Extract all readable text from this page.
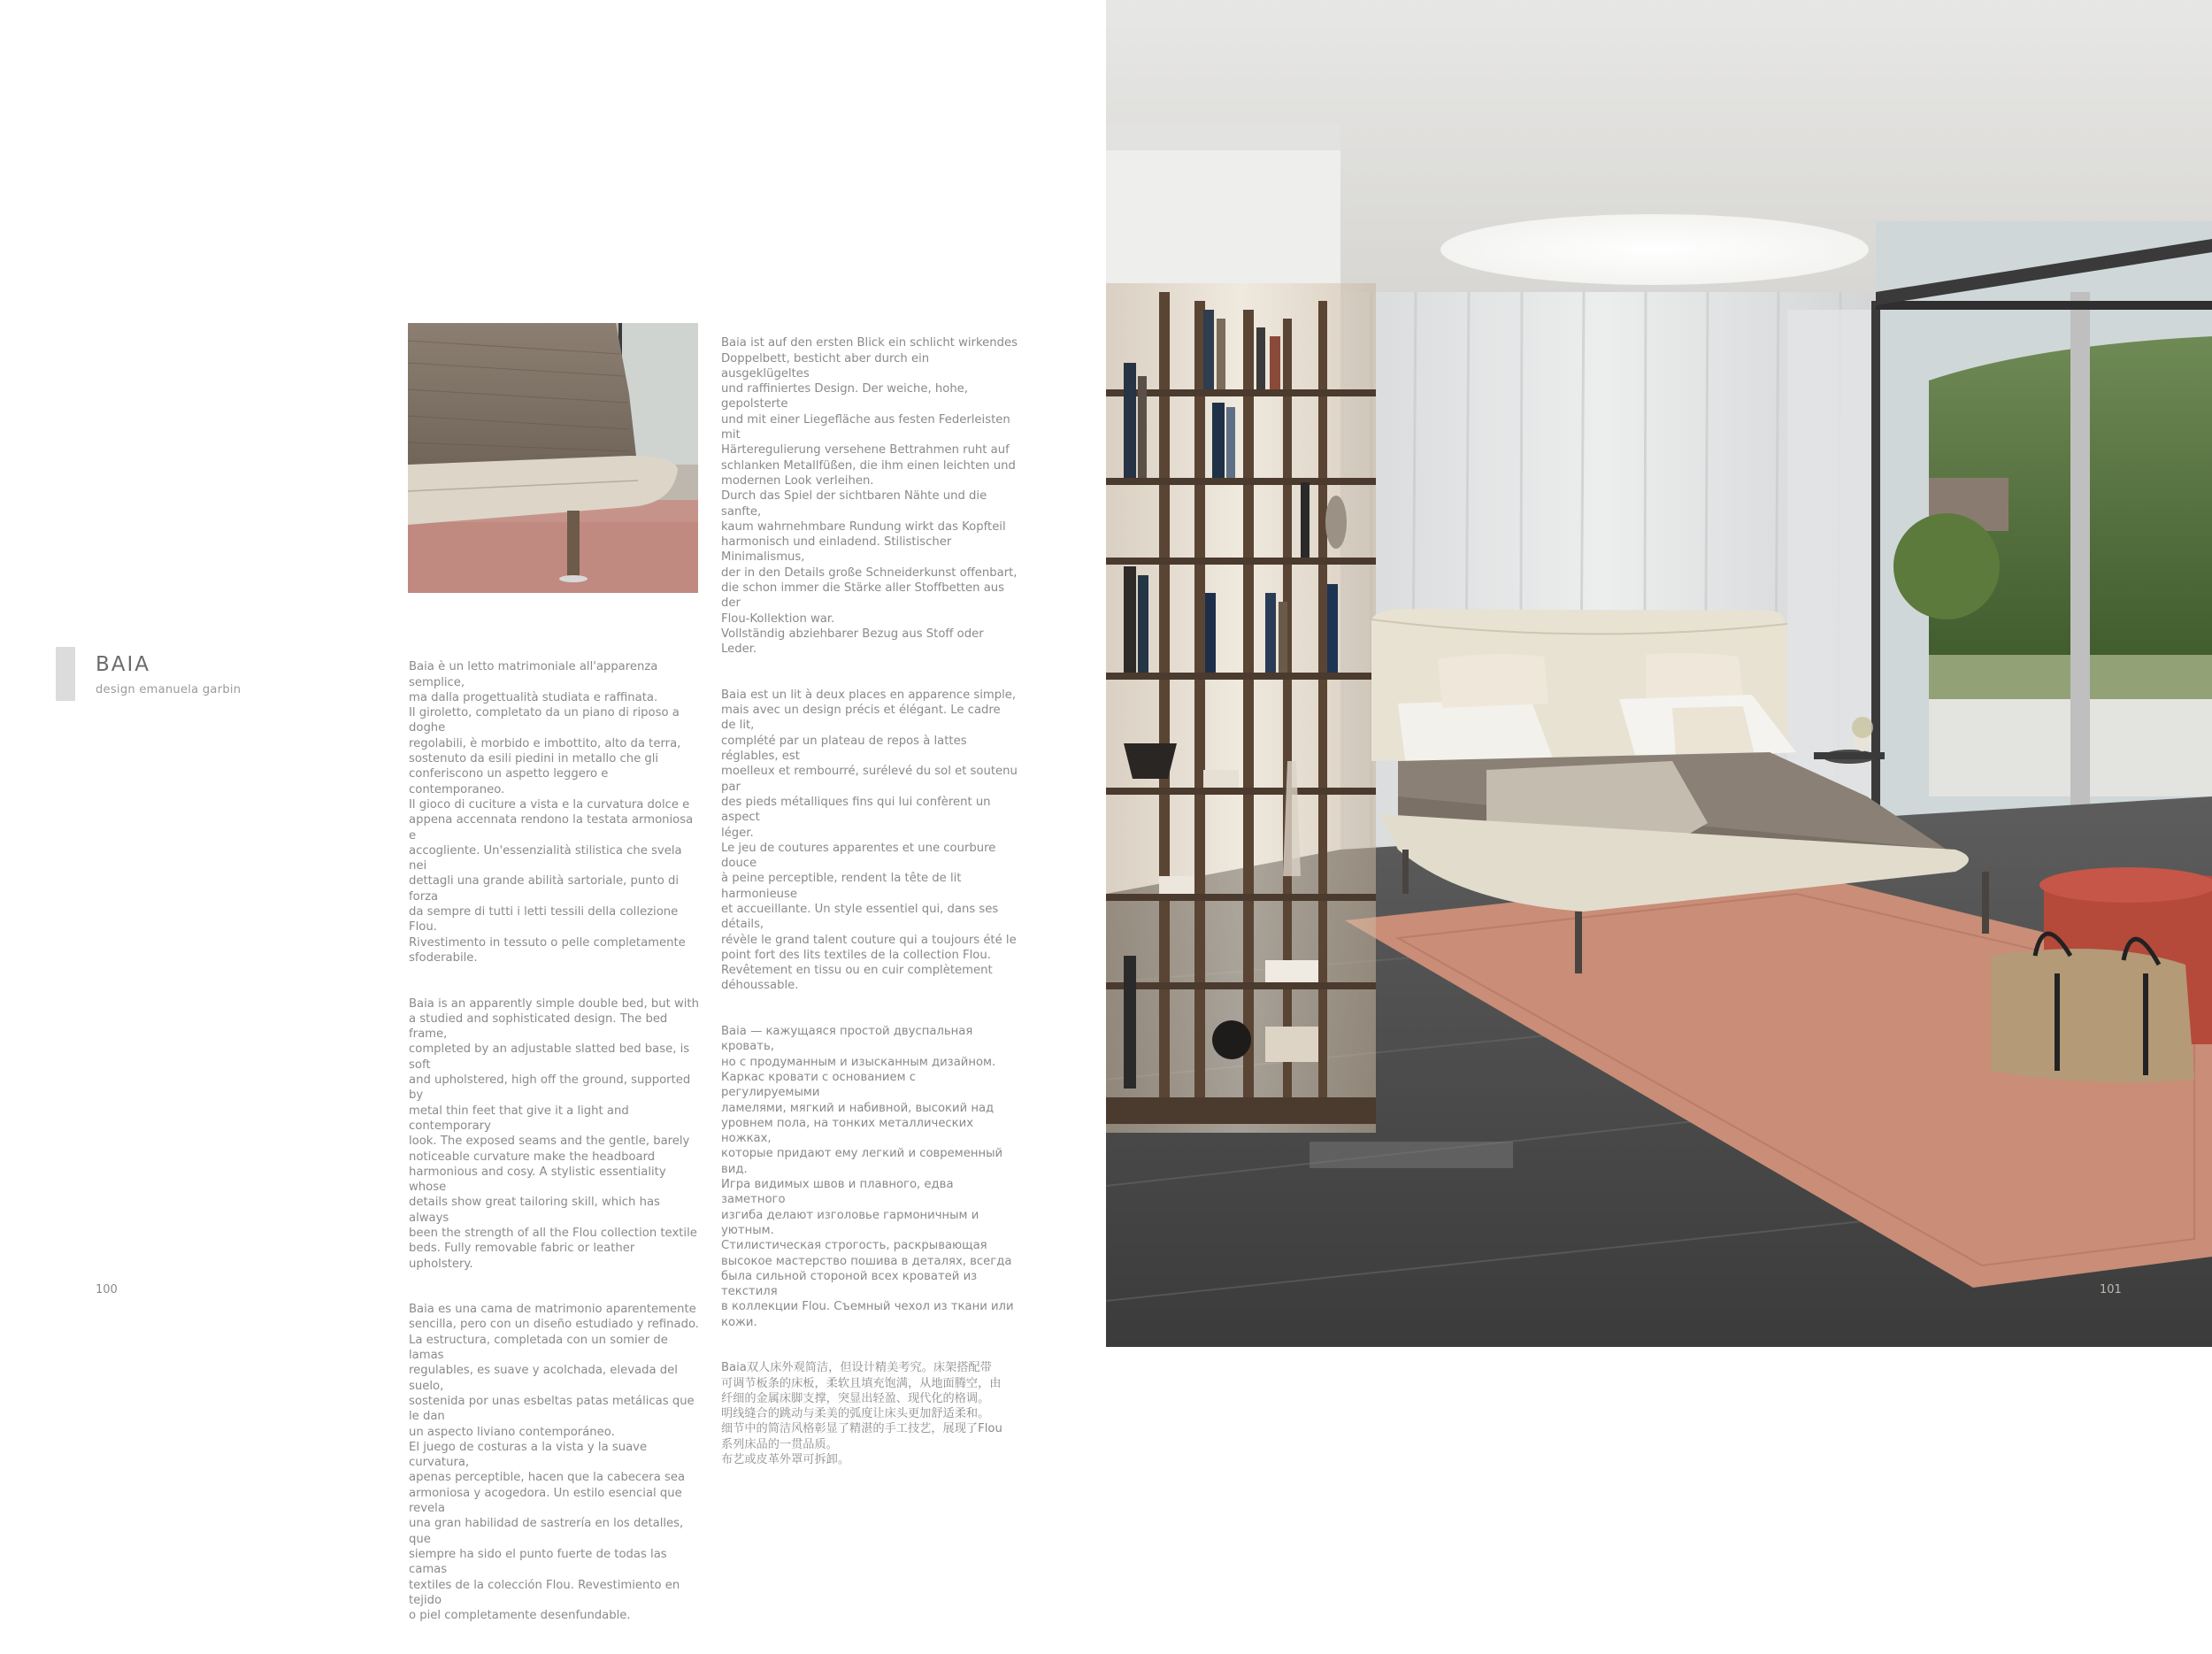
BAIA
design emanuela garbin

Baia è un letto matrimoniale all'apparenza semplice,
ma dalla progettualità studiata e raffinata.
Il giroletto, completato da un piano di riposo a doghe
regolabili, è morbido e imbottito, alto da terra,
sostenuto da esili piedini in metallo che gli
conferiscono un aspetto leggero e contemporaneo.
Il gioco di cuciture a vista e la curvatura dolce e
appena accennata rendono la testata armoniosa e
accogliente. Un'essenzialità stilistica che svela nei
dettagli una grande abilità sartoriale, punto di forza
da sempre di tutti i letti tessili della collezione Flou.
Rivestimento in tessuto o pelle completamente
sfoderabile.

Baia is an apparently simple double bed, but with
a studied and sophisticated design. The bed frame,
completed by an adjustable slatted bed base, is soft
and upholstered, high off the ground, supported by
metal thin feet that give it a light and contemporary
look. The exposed seams and the gentle, barely
noticeable curvature make the headboard
harmonious and cosy. A stylistic essentiality whose
details show great tailoring skill, which has always
been the strength of all the Flou collection textile
beds. Fully removable fabric or leather upholstery.

Baia es una cama de matrimonio aparentemente
sencilla, pero con un diseño estudiado y refinado.
La estructura, completada con un somier de lamas
regulables, es suave y acolchada, elevada del suelo,
sostenida por unas esbeltas patas metálicas que le dan
un aspecto liviano contemporáneo.
El juego de costuras a la vista y la suave curvatura,
apenas perceptible, hacen que la cabecera sea
armoniosa y acogedora. Un estilo esencial que revela
una gran habilidad de sastrería en los detalles, que
siempre ha sido el punto fuerte de todas las camas
textiles de la colección Flou. Revestimiento en tejido
o piel completamente desenfundable.

Baia ist auf den ersten Blick ein schlicht wirkendes
Doppelbett, besticht aber durch ein ausgeklügeltes
und raffiniertes Design. Der weiche, hohe, gepolsterte
und mit einer Liegefläche aus festen Federleisten mit
Härteregulierung versehene Bettrahmen ruht auf
schlanken Metallfüßen, die ihm einen leichten und
modernen Look verleihen.
Durch das Spiel der sichtbaren Nähte und die sanfte,
kaum wahrnehmbare Rundung wirkt das Kopfteil
harmonisch und einladend. Stilistischer Minimalismus,
der in den Details große Schneiderkunst offenbart,
die schon immer die Stärke aller Stoffbetten aus der
Flou-Kollektion war.
Vollständig abziehbarer Bezug aus Stoff oder Leder.

Baia est un lit à deux places en apparence simple,
mais avec un design précis et élégant. Le cadre de lit,
complété par un plateau de repos à lattes réglables, est
moelleux et rembourré, surélevé du sol et soutenu par
des pieds métalliques fins qui lui confèrent un aspect
léger.
Le jeu de coutures apparentes et une courbure douce
à peine perceptible, rendent la tête de lit harmonieuse
et accueillante. Un style essentiel qui, dans ses détails,
révèle le grand talent couture qui a toujours été le
point fort des lits textiles de la collection Flou.
Revêtement en tissu ou en cuir complètement
déhoussable.

Baia — кажущаяся простой двуспальная кровать,
но с продуманным и изысканным дизайном.
Каркас кровати с основанием с регулируемыми
ламелями, мягкий и набивной, высокий над
уровнем пола, на тонких металлических ножках,
которые придают ему легкий и современный вид.
Игра видимых швов и плавного, едва заметного
изгиба делают изголовье гармоничным и уютным.
Стилистическая строгость, раскрывающая
высокое мастерство пошива в деталях, всегда
была сильной стороной всех кроватей из текстиля
в коллекции Flou. Съемный чехол из ткани или
кожи.

Baia双人床外观简洁，但设计精美考究。床架搭配带
可调节板条的床板，柔软且填充饱满，从地面腾空，由
纤细的金属床脚支撑，突显出轻盈、现代化的格调。
明线缝合的跳动与柔美的弧度让床头更加舒适柔和。
细节中的简洁风格彰显了精湛的手工技艺，展现了Flou
系列床品的一贯品质。
布艺或皮革外罩可拆卸。

100	101
